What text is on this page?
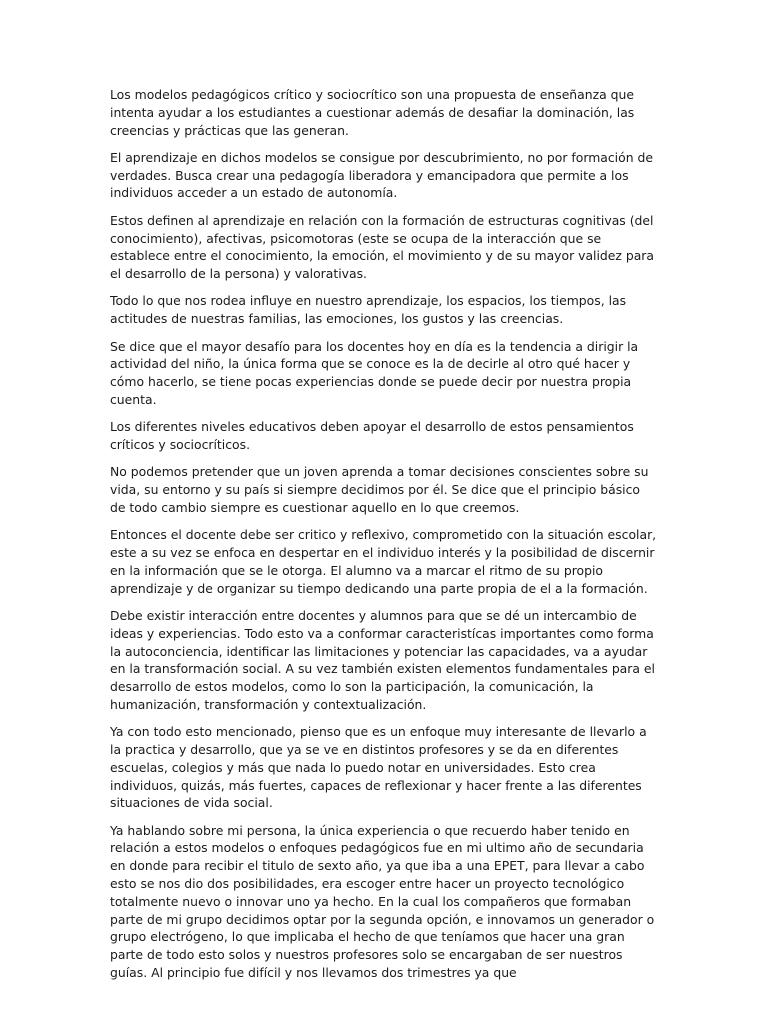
Los modelos pedagógicos crítico y sociocrítico son una propuesta de enseñanza que intenta ayudar a los estudiantes a cuestionar además de desafiar la dominación, las creencias y prácticas que las generan.

El aprendizaje en dichos modelos se consigue por descubrimiento, no por formación de verdades. Busca crear una pedagogía liberadora y emancipadora que permite a los individuos acceder a un estado de autonomía.

Estos definen al aprendizaje en relación con la formación de estructuras cognitivas (del conocimiento), afectivas, psicomotoras (este se ocupa de la interacción que se establece entre el conocimiento, la emoción, el movimiento y de su mayor validez para el desarrollo de la persona) y valorativas.

Todo lo que nos rodea influye en nuestro aprendizaje, los espacios, los tiempos, las actitudes de nuestras familias, las emociones, los gustos y las creencias.

Se dice que el mayor desafío para los docentes hoy en día es la tendencia a dirigir la actividad del niño, la única forma que se conoce es la de decirle al otro qué hacer y cómo hacerlo, se tiene pocas experiencias donde se puede decir por nuestra propia cuenta.

Los diferentes niveles educativos deben apoyar el desarrollo de estos pensamientos críticos y sociocríticos.

No podemos pretender que un joven aprenda a tomar decisiones conscientes sobre su vida, su entorno y su país si siempre decidimos por él. Se dice que el principio básico de todo cambio siempre es cuestionar aquello en lo que creemos.

Entonces el docente debe ser critico y reflexivo, comprometido con la situación escolar, este a su vez se enfoca en despertar en el individuo interés y la posibilidad de discernir en la información que se le otorga. El alumno va a marcar el ritmo de su propio aprendizaje y de organizar su tiempo dedicando una parte propia de el a la formación.

Debe existir interacción entre docentes y alumnos para que se dé un intercambio de ideas y experiencias. Todo esto va a conformar caracteristícas importantes como forma la autoconciencia, identificar las limitaciones y potenciar las capacidades, va a ayudar en la transformación social. A su vez también existen elementos fundamentales para el desarrollo de estos modelos, como lo son la participación, la comunicación, la humanización, transformación y contextualización.

Ya con todo esto mencionado, pienso que es un enfoque muy interesante de llevarlo a la practica y desarrollo, que ya se ve en distintos profesores y se da en diferentes escuelas, colegios y más que nada lo puedo notar en universidades. Esto crea individuos, quizás, más fuertes, capaces de reflexionar y hacer frente a las diferentes situaciones de vida social.

Ya hablando sobre mi persona, la única experiencia o que recuerdo haber tenido en relación a estos modelos o enfoques pedagógicos fue en mi ultimo año de secundaria en donde para recibir el titulo de sexto año, ya que iba a una EPET, para llevar a cabo esto se nos dio dos posibilidades, era escoger entre hacer un proyecto tecnológico totalmente nuevo o innovar uno ya hecho. En la cual los compañeros que formaban parte de mi grupo decidimos optar por la segunda opción, e innovamos un generador o grupo electrógeno, lo que implicaba el hecho de que teníamos que hacer una gran parte de todo esto solos y nuestros profesores solo se encargaban de ser nuestros guías. Al principio fue difícil y nos llevamos dos trimestres ya que
